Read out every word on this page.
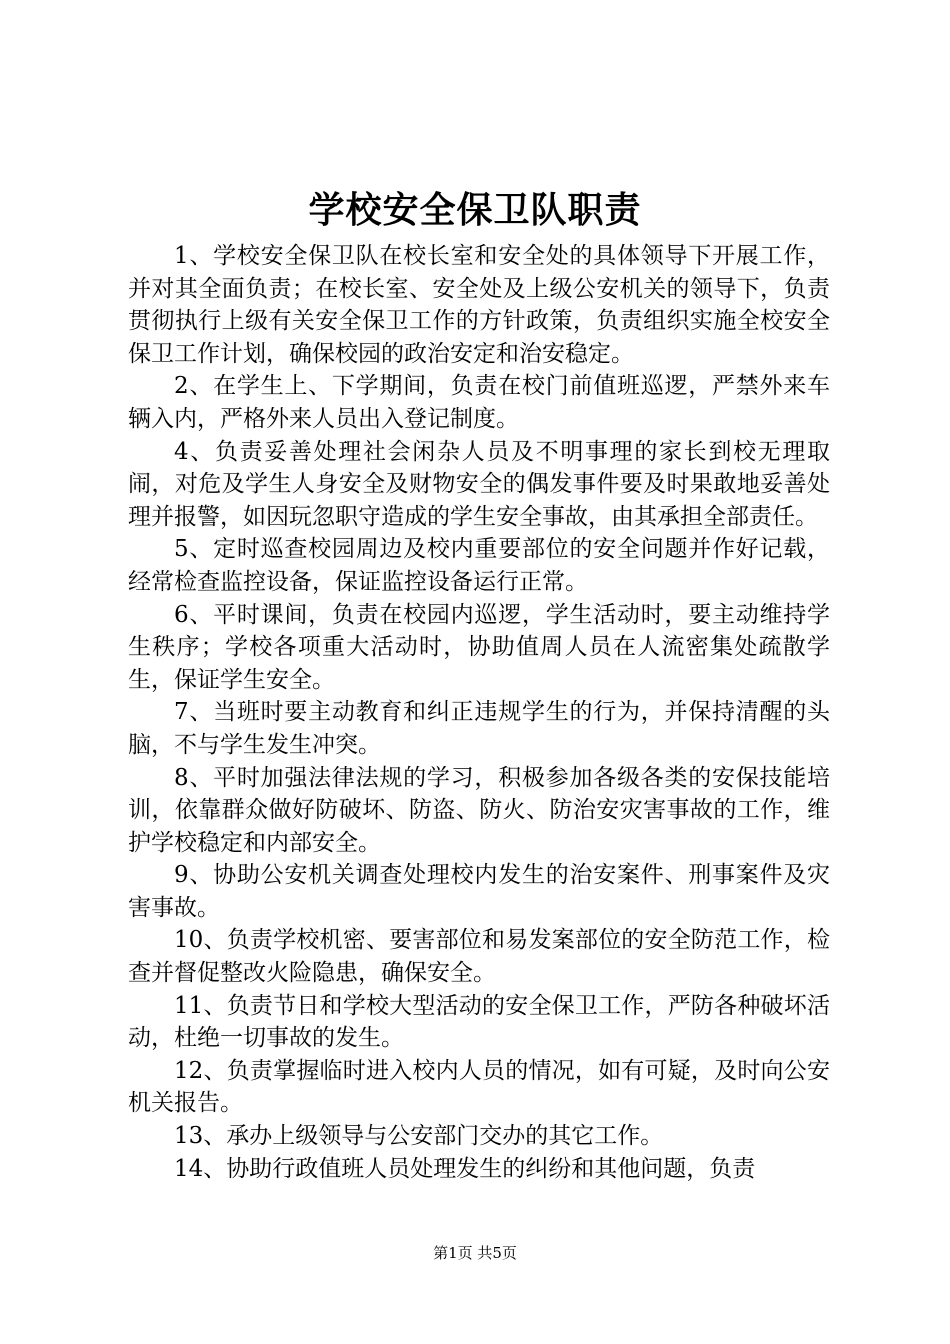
学校安全保卫队职责

1、学校安全保卫队在校长室和安全处的具体领导下开展工作，并对其全面负责；在校长室、安全处及上级公安机关的领导下，负责贯彻执行上级有关安全保卫工作的方针政策，负责组织实施全校安全保卫工作计划，确保校园的政治安定和治安稳定。

2、在学生上、下学期间，负责在校门前值班巡逻，严禁外来车辆入内，严格外来人员出入登记制度。

4、负责妥善处理社会闲杂人员及不明事理的家长到校无理取闹，对危及学生人身安全及财物安全的偶发事件要及时果敢地妥善处理并报警，如因玩忽职守造成的学生安全事故，由其承担全部责任。

5、定时巡查校园周边及校内重要部位的安全问题并作好记载，经常检查监控设备，保证监控设备运行正常。

6、平时课间，负责在校园内巡逻，学生活动时，要主动维持学生秩序；学校各项重大活动时，协助值周人员在人流密集处疏散学生，保证学生安全。

7、当班时要主动教育和纠正违规学生的行为，并保持清醒的头脑，不与学生发生冲突。

8、平时加强法律法规的学习，积极参加各级各类的安保技能培训，依靠群众做好防破坏、防盗、防火、防治安灾害事故的工作，维护学校稳定和内部安全。

9、协助公安机关调查处理校内发生的治安案件、刑事案件及灾害事故。

10、负责学校机密、要害部位和易发案部位的安全防范工作，检查并督促整改火险隐患，确保安全。

11、负责节日和学校大型活动的安全保卫工作，严防各种破坏活动，杜绝一切事故的发生。

12、负责掌握临时进入校内人员的情况，如有可疑，及时向公安机关报告。

13、承办上级领导与公安部门交办的其它工作。

14、协助行政值班人员处理发生的纠纷和其他问题，负责

第1页 共5页
